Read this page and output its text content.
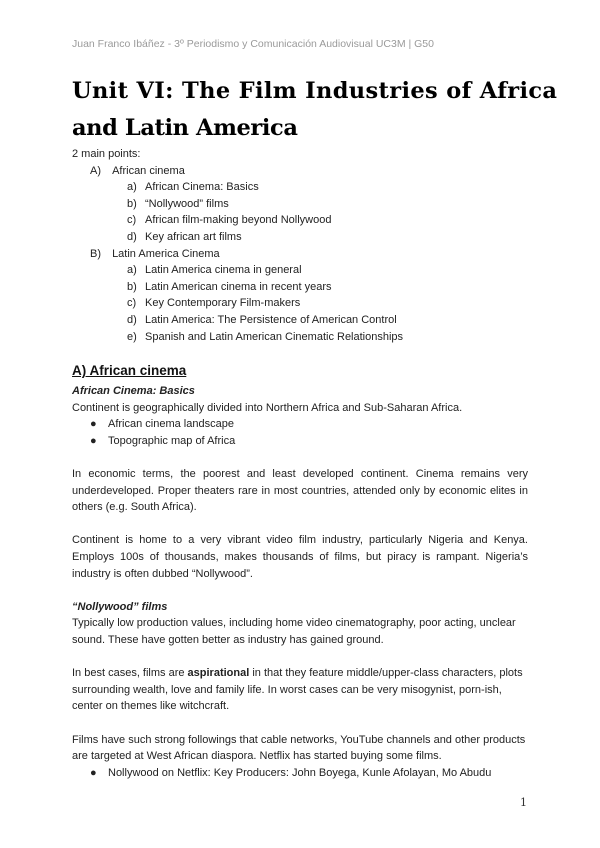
Juan Franco Ibáñez - 3º Periodismo y Comunicación Audiovisual UC3M | G50
Unit VI: The Film Industries of Africa
and Latin America

2 main points:

A) African cinema
a) African Cinema: Basics
b) “Nollywood” films
c) African film-making beyond Nollywood
d) Key african art films
B) Latin America Cinema
a) Latin America cinema in general
b) Latin American cinema in recent years
c) Key Contemporary Film-makers
d) Latin America: The Persistence of American Control
e) Spanish and Latin American Cinematic Relationships

A) African cinema

African Cinema: Basics

Continent is geographically divided into Northern Africa and Sub-Saharan Africa.

● African cinema landscape
● Topographic map of Africa

In economic terms, the poorest and least developed continent. Cinema remains very underdeveloped. Proper theaters rare in most countries, attended only by economic elites in others (e.g. South Africa).

Continent is home to a very vibrant video film industry, particularly Nigeria and Kenya. Employs 100s of thousands, makes thousands of films, but piracy is rampant. Nigeria’s industry is often dubbed “Nollywood”.

“Nollywood” films

Typically low production values, including home video cinematography, poor acting, unclear sound. These have gotten better as industry has gained ground.

In best cases, films are aspirational in that they feature middle/upper-class characters, plots surrounding wealth, love and family life. In worst cases can be very misogynist, porn-ish, center on themes like witchcraft.

Films have such strong followings that cable networks, YouTube channels and other products are targeted at West African diaspora. Netflix has started buying some films.

● Nollywood on Netflix: Key Producers: John Boyega, Kunle Afolayan, Mo Abudu
1
